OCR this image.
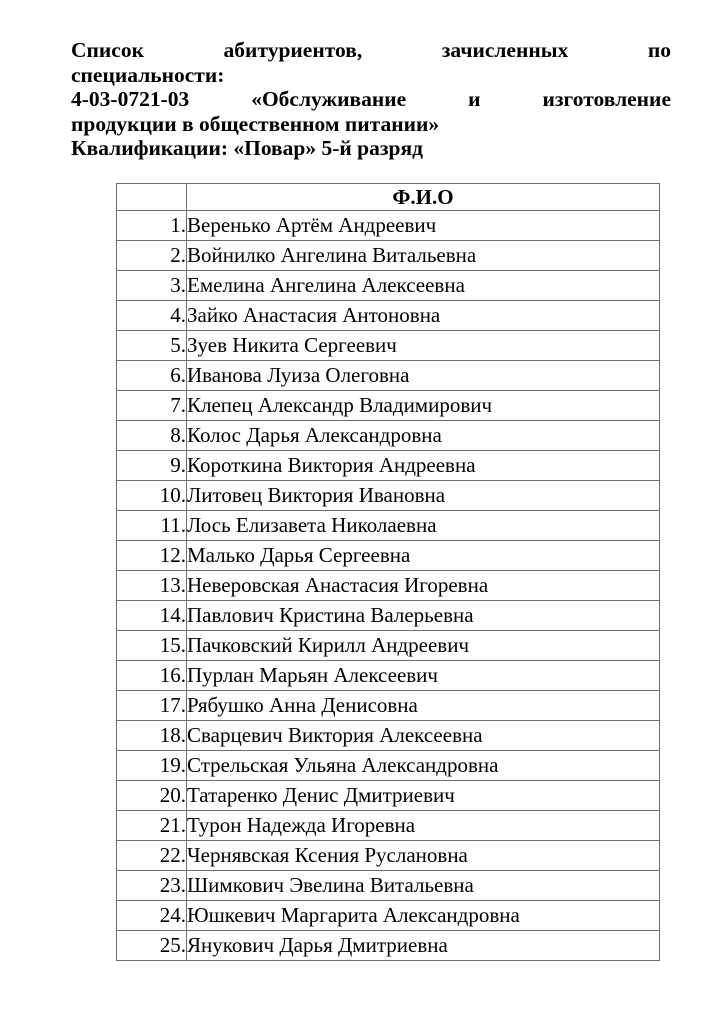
Список абитуриентов, зачисленных по
специальности:
4-03-0721-03 «Обслуживание и изготовление
продукции в общественном питании»
Квалификации: «Повар» 5-й разряд
	Ф.И.О
1.	Веренько Артём Андреевич
2.	Войнилко Ангелина Витальевна
3.	Емелина Ангелина Алексеевна
4.	Зайко Анастасия Антоновна
5.	Зуев Никита Сергеевич
6.	Иванова Луиза Олеговна
7.	Клепец Александр Владимирович
8.	Колос Дарья Александровна
9.	Короткина Виктория Андреевна
10.	Литовец Виктория Ивановна
11.	Лось Елизавета Николаевна
12.	Малько Дарья Сергеевна
13.	Неверовская Анастасия Игоревна
14.	Павлович Кристина Валерьевна
15.	Пачковский Кирилл Андреевич
16.	Пурлан Марьян Алексеевич
17.	Рябушко Анна Денисовна
18.	Сварцевич Виктория Алексеевна
19.	Стрельская Ульяна Александровна
20.	Татаренко Денис Дмитриевич
21.	Турон Надежда Игоревна
22.	Чернявская Ксения Руслановна
23.	Шимкович Эвелина Витальевна
24.	Юшкевич Маргарита Александровна
25.	Янукович Дарья Дмитриевна
